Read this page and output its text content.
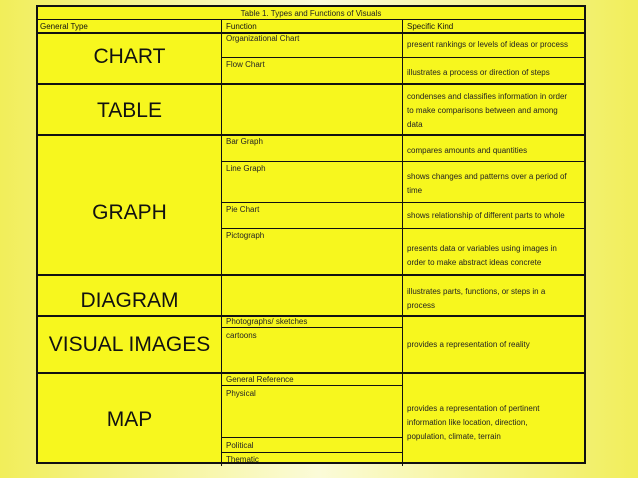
Table 1. Types and Functions of Visuals
General Type	Function	Specific Kind
CHART
TABLE
GRAPH
DIAGRAM
VISUAL IMAGES
MAP
Organizational Chart
Flow Chart
Bar Graph
Line Graph
Pie Chart
Pictograph
Photographs/ sketches
cartoons
General Reference
Physical
Political
Thematic
present rankings or levels of ideas or process
illustrates a process or direction of steps
condenses and classifies information in order
to make comparisons between and among
data
compares amounts and quantities
shows changes and patterns over a period of
time
shows relationship of different parts to whole
presents data or variables using images in
order to make abstract ideas concrete
illustrates parts, functions, or steps in a
process
provides a representation of reality
provides a representation of pertinent
information like location, direction,
population, climate, terrain
